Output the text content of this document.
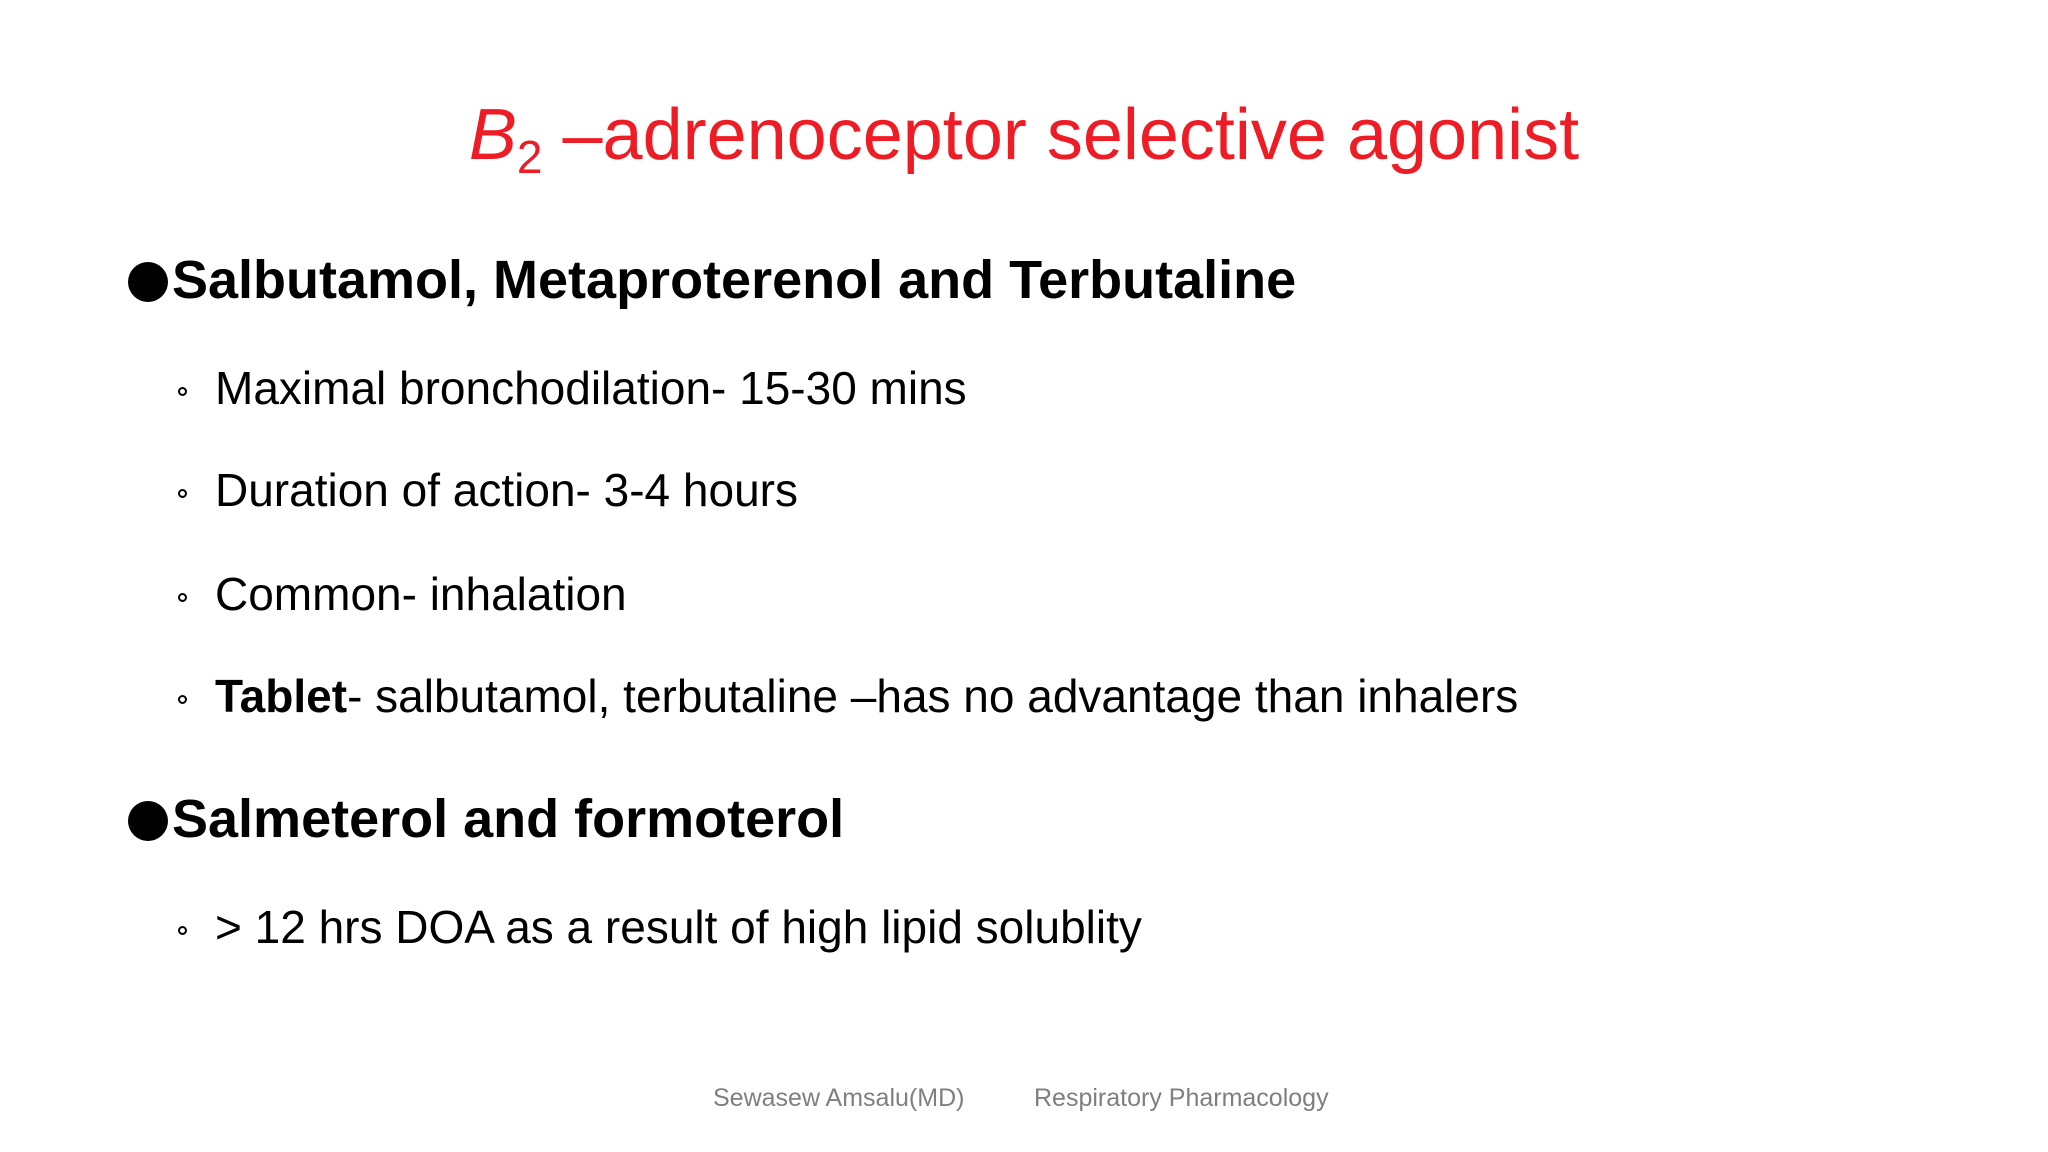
$B_2$ –adrenoceptor selective agonist
Salbutamol, Metaproterenol and Terbutaline
Maximal bronchodilation- 15-30 mins
Duration of action- 3-4 hours
Common- inhalation
Tablet- salbutamol, terbutaline –has no advantage than inhalers
Salmeterol and formoterol
> 12 hrs DOA as a result of high lipid solublity
Sewasew Amsalu(MD)	Respiratory Pharmacology
